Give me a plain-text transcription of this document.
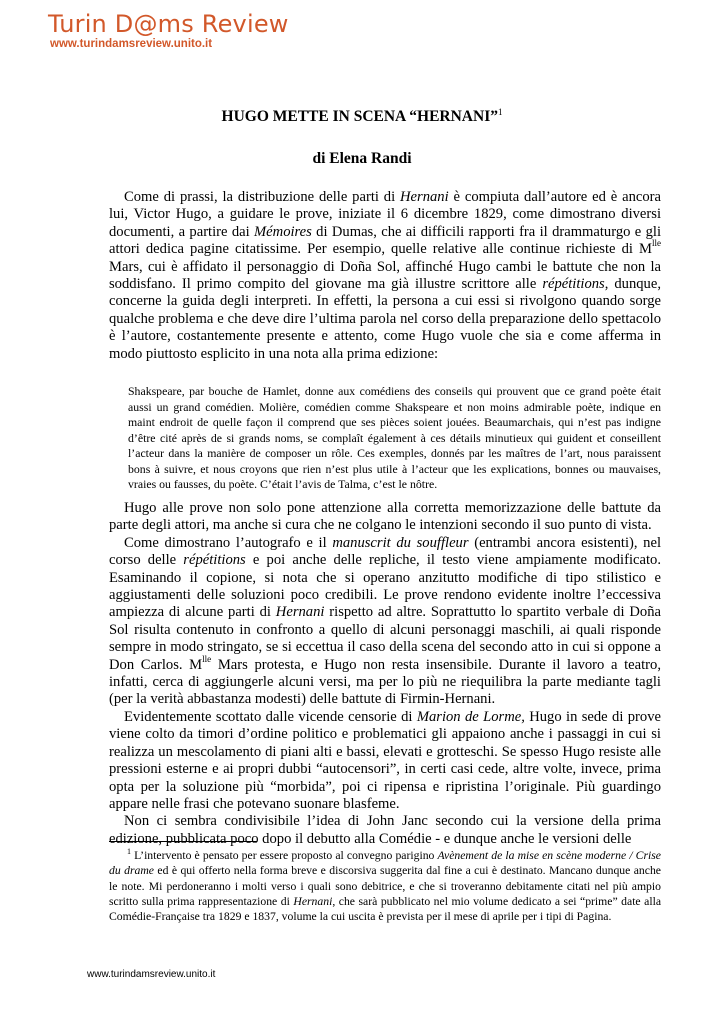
Turin D@ms Review
www.turindamsreview.unito.it
HUGO METTE IN SCENA “HERNANI”$^1$
di Elena Randi

Come di prassi, la distribuzione delle parti di Hernani è compiuta dall’autore ed è ancora lui, Victor Hugo, a guidare le prove, iniziate il 6 dicembre 1829, come dimostrano diversi documenti, a partire dai Mémoires di Dumas, che ai difficili rapporti fra il drammaturgo e gli attori dedica pagine citatissime. Per esempio, quelle relative alle continue richieste di $M^{lle}$ Mars, cui è affidato il personaggio di Doña Sol, affinché Hugo cambi le battute che non la soddisfano. Il primo compito del giovane ma già illustre scrittore alle répétitions, dunque, concerne la guida degli interpreti. In effetti, la persona a cui essi si rivolgono quando sorge qualche problema e che deve dire l’ultima parola nel corso della preparazione dello spettacolo è l’autore, costantemente presente e attento, come Hugo vuole che sia e come afferma in modo piuttosto esplicito in una nota alla prima edizione:

Shakspeare, par bouche de Hamlet, donne aux comédiens des conseils qui prouvent que ce grand poète était aussi un grand comédien. Molière, comédien comme Shakspeare et non moins admirable poète, indique en maint endroit de quelle façon il comprend que ses pièces soient jouées. Beaumarchais, qui n’est pas indigne d’être cité après de si grands noms, se complaît également à ces détails minutieux qui guident et conseillent l’acteur dans la manière de composer un rôle. Ces exemples, donnés par les maîtres de l’art, nous paraissent bons à suivre, et nous croyons que rien n’est plus utile à l’acteur que les explications, bonnes ou mauvaises, vraies ou fausses, du poète. C’était l’avis de Talma, c’est le nôtre.

Hugo alle prove non solo pone attenzione alla corretta memorizzazione delle battute da parte degli attori, ma anche si cura che ne colgano le intenzioni secondo il suo punto di vista.

Come dimostrano l’autografo e il manuscrit du souffleur (entrambi ancora esistenti), nel corso delle répétitions e poi anche delle repliche, il testo viene ampiamente modificato. Esaminando il copione, si nota che si operano anzitutto modifiche di tipo stilistico e aggiustamenti delle soluzioni poco credibili. Le prove rendono evidente inoltre l’eccessiva ampiezza di alcune parti di Hernani rispetto ad altre. Soprattutto lo spartito verbale di Doña Sol risulta contenuto in confronto a quello di alcuni personaggi maschili, ai quali risponde sempre in modo stringato, se si eccettua il caso della scena del secondo atto in cui si oppone a Don Carlos. $M^{lle}$ Mars protesta, e Hugo non resta insensibile. Durante il lavoro a teatro, infatti, cerca di aggiungerle alcuni versi, ma per lo più ne riequilibra la parte mediante tagli (per la verità abbastanza modesti) delle battute di Firmin-Hernani.

Evidentemente scottato dalle vicende censorie di Marion de Lorme, Hugo in sede di prove viene colto da timori d’ordine politico e problematici gli appaiono anche i passaggi in cui si realizza un mescolamento di piani alti e bassi, elevati e grotteschi. Se spesso Hugo resiste alle pressioni esterne e ai propri dubbi “autocensori”, in certi casi cede, altre volte, invece, prima opta per la soluzione più “morbida”, poi ci ripensa e ripristina l’originale. Più guardingo appare nelle frasi che potevano suonare blasfeme.

Non ci sembra condivisibile l’idea di John Janc secondo cui la versione della prima edizione, pubblicata poco dopo il debutto alla Comédie - e dunque anche le versioni delle

$^1$ L’intervento è pensato per essere proposto al convegno parigino Avènement de la mise en scène moderne / Crise du drame ed è qui offerto nella forma breve e discorsiva suggerita dal fine a cui è destinato. Mancano dunque anche le note. Mi perdoneranno i molti verso i quali sono debitrice, e che si troveranno debitamente citati nel più ampio scritto sulla prima rappresentazione di Hernani, che sarà pubblicato nel mio volume dedicato a sei “prime” date alla Comédie-Française tra 1829 e 1837, volume la cui uscita è prevista per il mese di aprile per i tipi di Pagina.
www.turindamsreview.unito.it
